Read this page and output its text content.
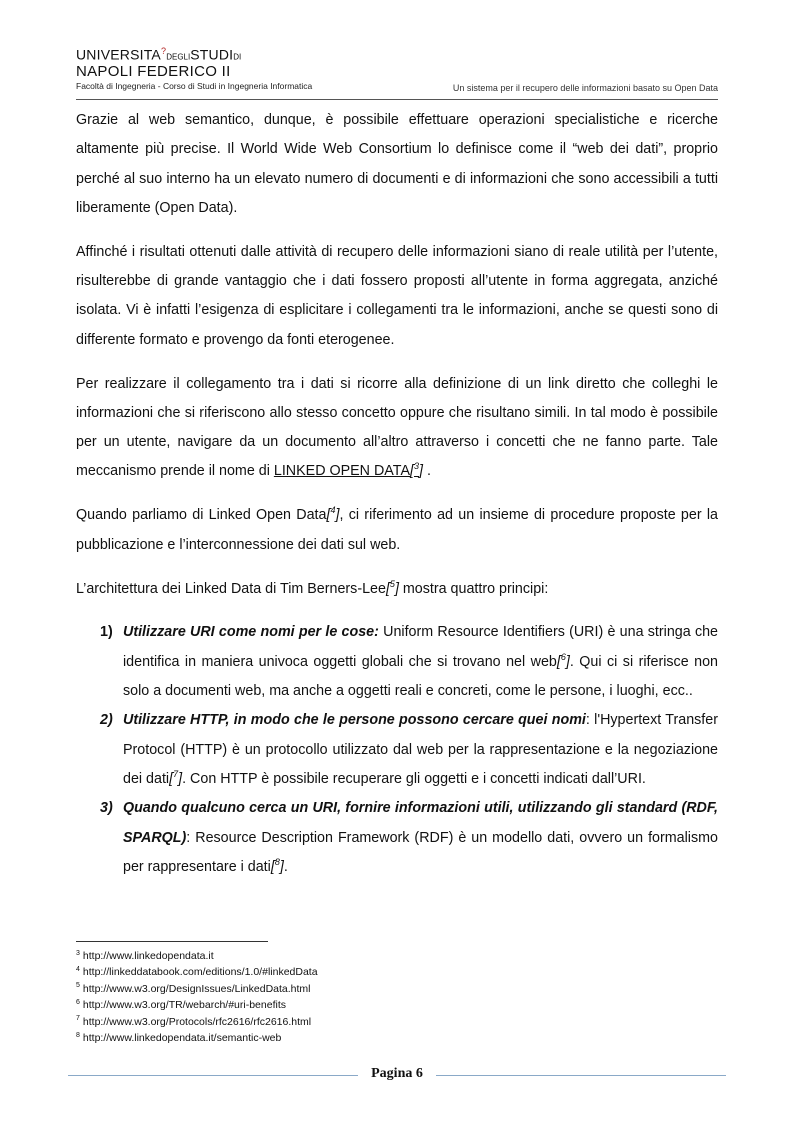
UNIVERSITA?DEGLISTUDIDI
NAPOLI FEDERICO II
Facoltà di Ingegneria - Corso di Studi in Ingegneria Informatica	Un sistema per il recupero delle informazioni basato su Open Data

Grazie al web semantico, dunque, è possibile effettuare operazioni specialistiche e ricerche altamente più precise. Il World Wide Web Consortium lo definisce come il “web dei dati”, proprio perché al suo interno ha un elevato numero di documenti e di informazioni che sono accessibili a tutti liberamente (Open Data).

Affinché i risultati ottenuti dalle attività di recupero delle informazioni siano di reale utilità per l’utente, risulterebbe di grande vantaggio che i dati fossero proposti all’utente in forma aggregata, anziché isolata. Vi è infatti l’esigenza di esplicitare i collegamenti tra le informazioni, anche se questi sono di differente formato e provengo da fonti eterogenee.

Per realizzare il collegamento tra i dati si ricorre alla definizione di un link diretto che colleghi le informazioni che si riferiscono allo stesso concetto oppure che risultano simili. In tal modo è possibile per un utente, navigare da un documento all’altro attraverso i concetti che ne fanno parte. Tale meccanismo prende il nome di LINKED OPEN DATA[$^3$] .

Quando parliamo di Linked Open Data[$^4$], ci riferimento ad un insieme di procedure proposte per la pubblicazione e l’interconnessione dei dati sul web.

L’architettura dei Linked Data di Tim Berners-Lee[$^5$] mostra quattro principi:

1) Utilizzare URI come nomi per le cose: Uniform Resource Identifiers (URI) è una stringa che identifica in maniera univoca oggetti globali che si trovano nel web[$^6$]. Qui ci si riferisce non solo a documenti web, ma anche a oggetti reali e concreti, come le persone, i luoghi, ecc..
2) Utilizzare HTTP, in modo che le persone possono cercare quei nomi: l'Hypertext Transfer Protocol (HTTP) è un protocollo utilizzato dal web per la rappresentazione e la negoziazione dei dati[$^7$]. Con HTTP è possibile recuperare gli oggetti e i concetti indicati dall’URI.
3) Quando qualcuno cerca un URI, fornire informazioni utili, utilizzando gli standard (RDF, SPARQL): Resource Description Framework (RDF) è un modello dati, ovvero un formalismo per rappresentare i dati[$^8$].
$^3$ http://www.linkedopendata.it
$^4$ http://linkeddatabook.com/editions/1.0/#linkedData
$^5$ http://www.w3.org/DesignIssues/LinkedData.html
$^6$ http://www.w3.org/TR/webarch/#uri-benefits
$^7$ http://www.w3.org/Protocols/rfc2616/rfc2616.html
$^8$ http://www.linkedopendata.it/semantic-web
Pagina 6
